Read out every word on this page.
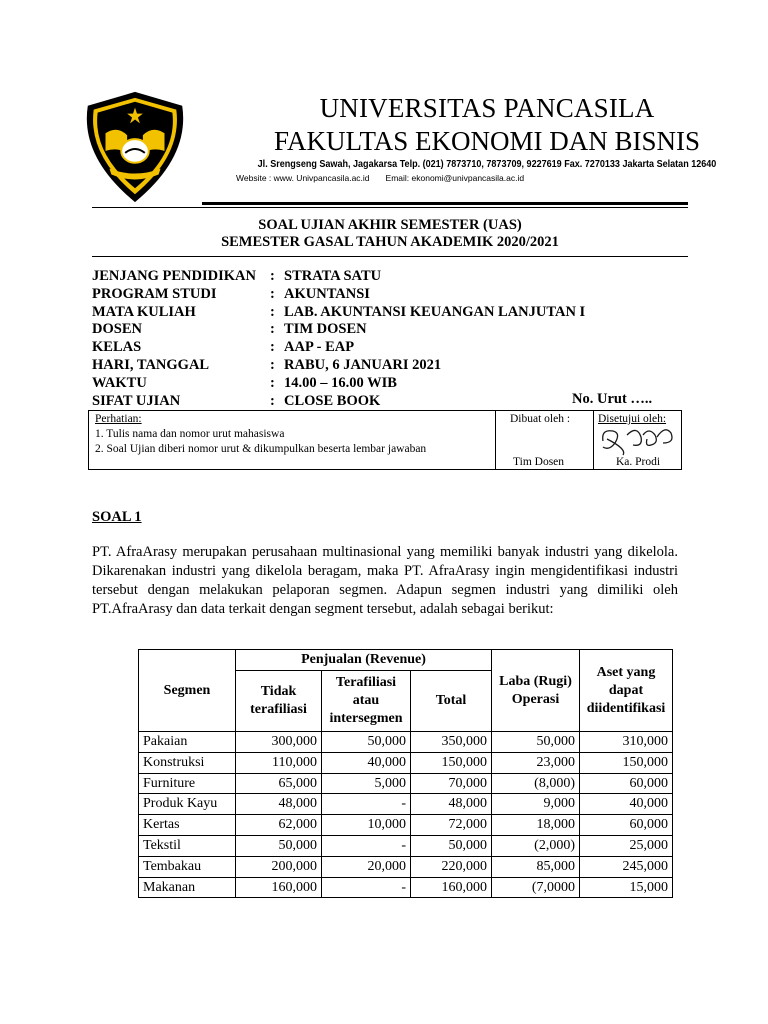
UNIVERSITAS PANCASILA
FAKULTAS EKONOMI DAN BISNIS
Jl. Srengseng Sawah, Jagakarsa Telp. (021) 7873710, 7873709, 9227619 Fax. 7270133 Jakarta Selatan 12640
Website : www. Univpancasila.ac.id Email: ekonomi@univpancasila.ac.id
SOAL UJIAN AKHIR SEMESTER (UAS)
SEMESTER GASAL TAHUN AKADEMIK 2020/2021
JENJANG PENDIDIKAN : STRATA SATU
PROGRAM STUDI	: AKUNTANSI
MATA KULIAH	: LAB. AKUNTANSI KEUANGAN LANJUTAN I
DOSEN	: TIM DOSEN
KELAS	: AAP - EAP
HARI, TANGGAL	: RABU, 6 JANUARI 2021
WAKTU	: 14.00 – 16.00 WIB
SIFAT UJIAN	: CLOSE BOOK	No. Urut …..
Perhatian:
1. Tulis nama dan nomor urut mahasiswa
2. Soal Ujian diberi nomor urut & dikumpulkan beserta lembar jawaban
Dibuat oleh :
Tim Dosen
Disetujui oleh:
Ka. Prodi
SOAL 1
PT. AfraArasy merupakan perusahaan multinasional yang memiliki banyak industri yang dikelola. Dikarenakan industri yang dikelola beragam, maka PT. AfraArasy ingin mengidentifikasi industri tersebut dengan melakukan pelaporan segmen. Adapun segmen industri yang dimiliki oleh PT.AfraArasy dan data terkait dengan segment tersebut, adalah sebagai berikut:
Segmen	Penjualan (Revenue)			Laba (Rugi) Operasi	Aset yang dapat diidentifikasi
	Tidak terafiliasi	Terafiliasi atau intersegmen	Total		
Pakaian	300,000	50,000	350,000	50,000	310,000
Konstruksi	110,000	40,000	150,000	23,000	150,000
Furniture	65,000	5,000	70,000	(8,000)	60,000
Produk Kayu	48,000	-	48,000	9,000	40,000
Kertas	62,000	10,000	72,000	18,000	60,000
Tekstil	50,000	-	50,000	(2,000)	25,000
Tembakau	200,000	20,000	220,000	85,000	245,000
Makanan	160,000	-	160,000	(7,0000	15,000
